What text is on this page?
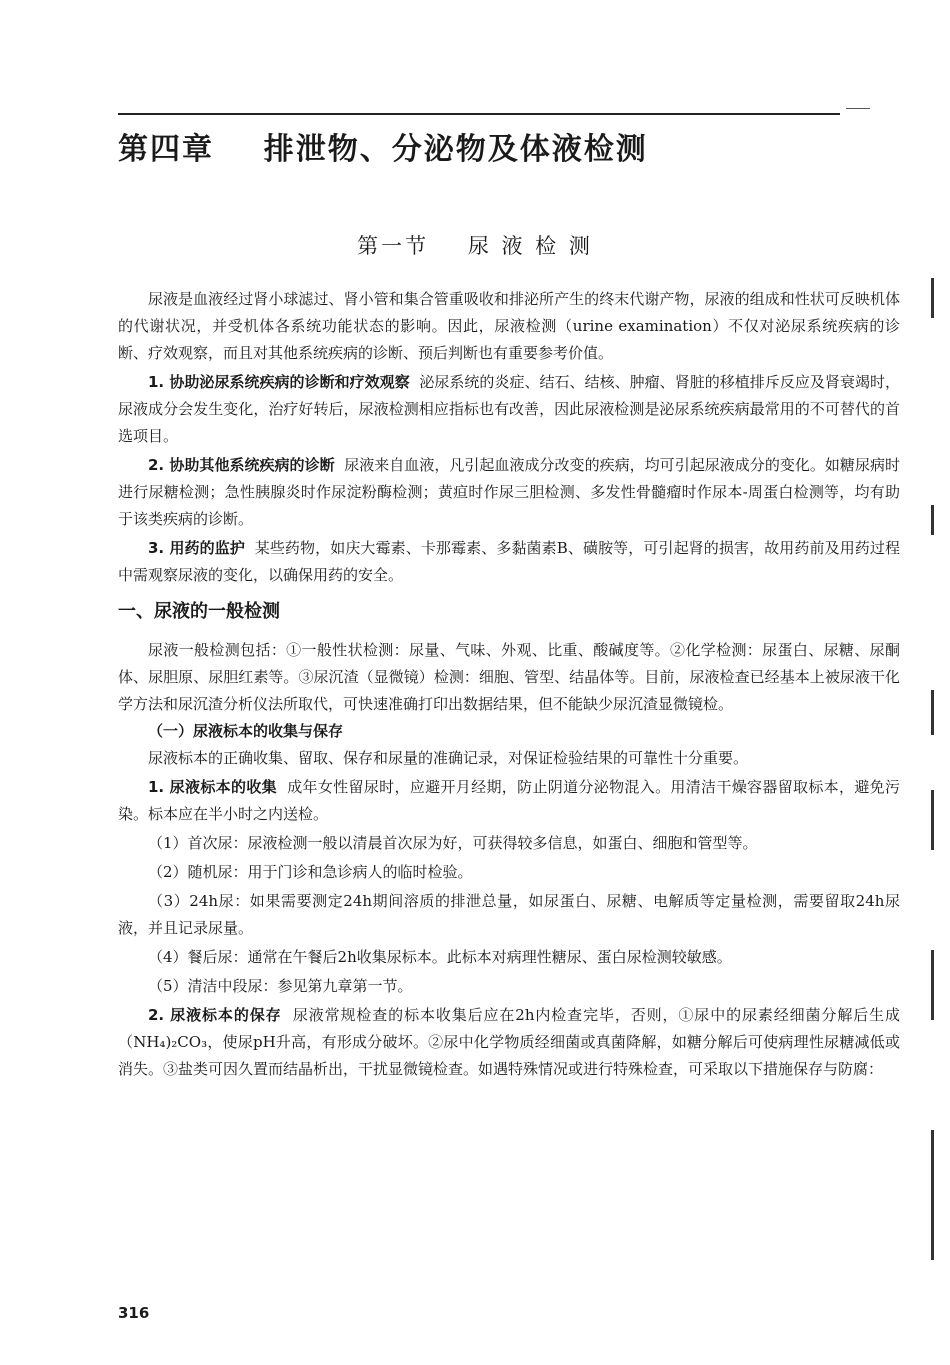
第四章    排泄物、分泌物及体液检测
第一节    尿 液 检 测

尿液是血液经过肾小球滤过、肾小管和集合管重吸收和排泌所产生的终末代谢产物，尿液的组成和性状可反映机体的代谢状况，并受机体各系统功能状态的影响。因此，尿液检测（urine examination）不仅对泌尿系统疾病的诊断、疗效观察，而且对其他系统疾病的诊断、预后判断也有重要参考价值。

1. 协助泌尿系统疾病的诊断和疗效观察 泌尿系统的炎症、结石、结核、肿瘤、肾脏的移植排斥反应及肾衰竭时，尿液成分会发生变化，治疗好转后，尿液检测相应指标也有改善，因此尿液检测是泌尿系统疾病最常用的不可替代的首选项目。

2. 协助其他系统疾病的诊断 尿液来自血液，凡引起血液成分改变的疾病，均可引起尿液成分的变化。如糖尿病时进行尿糖检测；急性胰腺炎时作尿淀粉酶检测；黄疸时作尿三胆检测、多发性骨髓瘤时作尿本-周蛋白检测等，均有助于该类疾病的诊断。

3. 用药的监护 某些药物，如庆大霉素、卡那霉素、多黏菌素B、磺胺等，可引起肾的损害，故用药前及用药过程中需观察尿液的变化，以确保用药的安全。

一、尿液的一般检测

尿液一般检测包括：①一般性状检测：尿量、气味、外观、比重、酸碱度等。②化学检测：尿蛋白、尿糖、尿酮体、尿胆原、尿胆红素等。③尿沉渣（显微镜）检测：细胞、管型、结晶体等。目前，尿液检查已经基本上被尿液干化学方法和尿沉渣分析仪法所取代，可快速准确打印出数据结果，但不能缺少尿沉渣显微镜检。

（一）尿液标本的收集与保存

尿液标本的正确收集、留取、保存和尿量的准确记录，对保证检验结果的可靠性十分重要。

1. 尿液标本的收集 成年女性留尿时，应避开月经期，防止阴道分泌物混入。用清洁干燥容器留取标本，避免污染。标本应在半小时之内送检。

（1）首次尿：尿液检测一般以清晨首次尿为好，可获得较多信息，如蛋白、细胞和管型等。

（2）随机尿：用于门诊和急诊病人的临时检验。

（3）24h尿：如果需要测定24h期间溶质的排泄总量，如尿蛋白、尿糖、电解质等定量检测，需要留取24h尿液，并且记录尿量。

（4）餐后尿：通常在午餐后2h收集尿标本。此标本对病理性糖尿、蛋白尿检测较敏感。

（5）清洁中段尿：参见第九章第一节。

2. 尿液标本的保存 尿液常规检查的标本收集后应在2h内检查完毕，否则，①尿中的尿素经细菌分解后生成（NH₄)₂CO₃，使尿pH升高，有形成分破坏。②尿中化学物质经细菌或真菌降解，如糖分解后可使病理性尿糖减低或消失。③盐类可因久置而结晶析出，干扰显微镜检查。如遇特殊情况或进行特殊检查，可采取以下措施保存与防腐：

316
